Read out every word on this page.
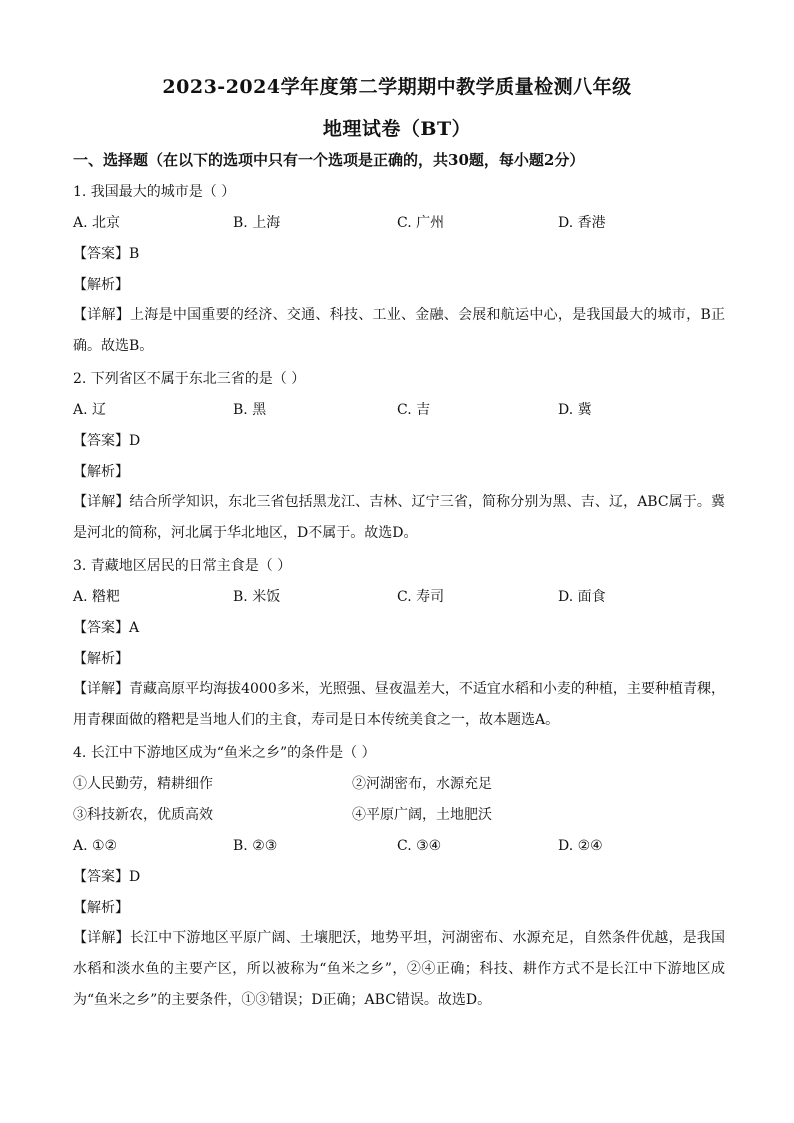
2023-2024学年度第二学期期中教学质量检测八年级
地理试卷（BT）
一、选择题（在以下的选项中只有一个选项是正确的，共30题，每小题2分）
1. 我国最大的城市是（ ）
A. 北京	B. 上海	C. 广州	D. 香港
【答案】B
【解析】
【详解】上海是中国重要的经济、交通、科技、工业、金融、会展和航运中心，是我国最大的城市，B正确。故选B。
2. 下列省区不属于东北三省的是（ ）
A. 辽	B. 黑	C. 吉	D. 冀
【答案】D
【解析】
【详解】结合所学知识，东北三省包括黑龙江、吉林、辽宁三省，简称分别为黑、吉、辽，ABC属于。冀是河北的简称，河北属于华北地区，D不属于。故选D。
3. 青藏地区居民的日常主食是（ ）
A. 糌粑	B. 米饭	C. 寿司	D. 面食
【答案】A
【解析】
【详解】青藏高原平均海拔4000多米，光照强、昼夜温差大，不适宜水稻和小麦的种植，主要种植青稞，用青稞面做的糌粑是当地人们的主食，寿司是日本传统美食之一，故本题选A。
4. 长江中下游地区成为“鱼米之乡”的条件是（ ）
①人民勤劳，精耕细作	②河湖密布，水源充足
③科技新农，优质高效	④平原广阔，土地肥沃
A. ①②	B. ②③	C. ③④	D. ②④
【答案】D
【解析】
【详解】长江中下游地区平原广阔、土壤肥沃，地势平坦，河湖密布、水源充足，自然条件优越，是我国水稻和淡水鱼的主要产区，所以被称为“鱼米之乡”，②④正确；科技、耕作方式不是长江中下游地区成为“鱼米之乡”的主要条件，①③错误；D正确；ABC错误。故选D。
